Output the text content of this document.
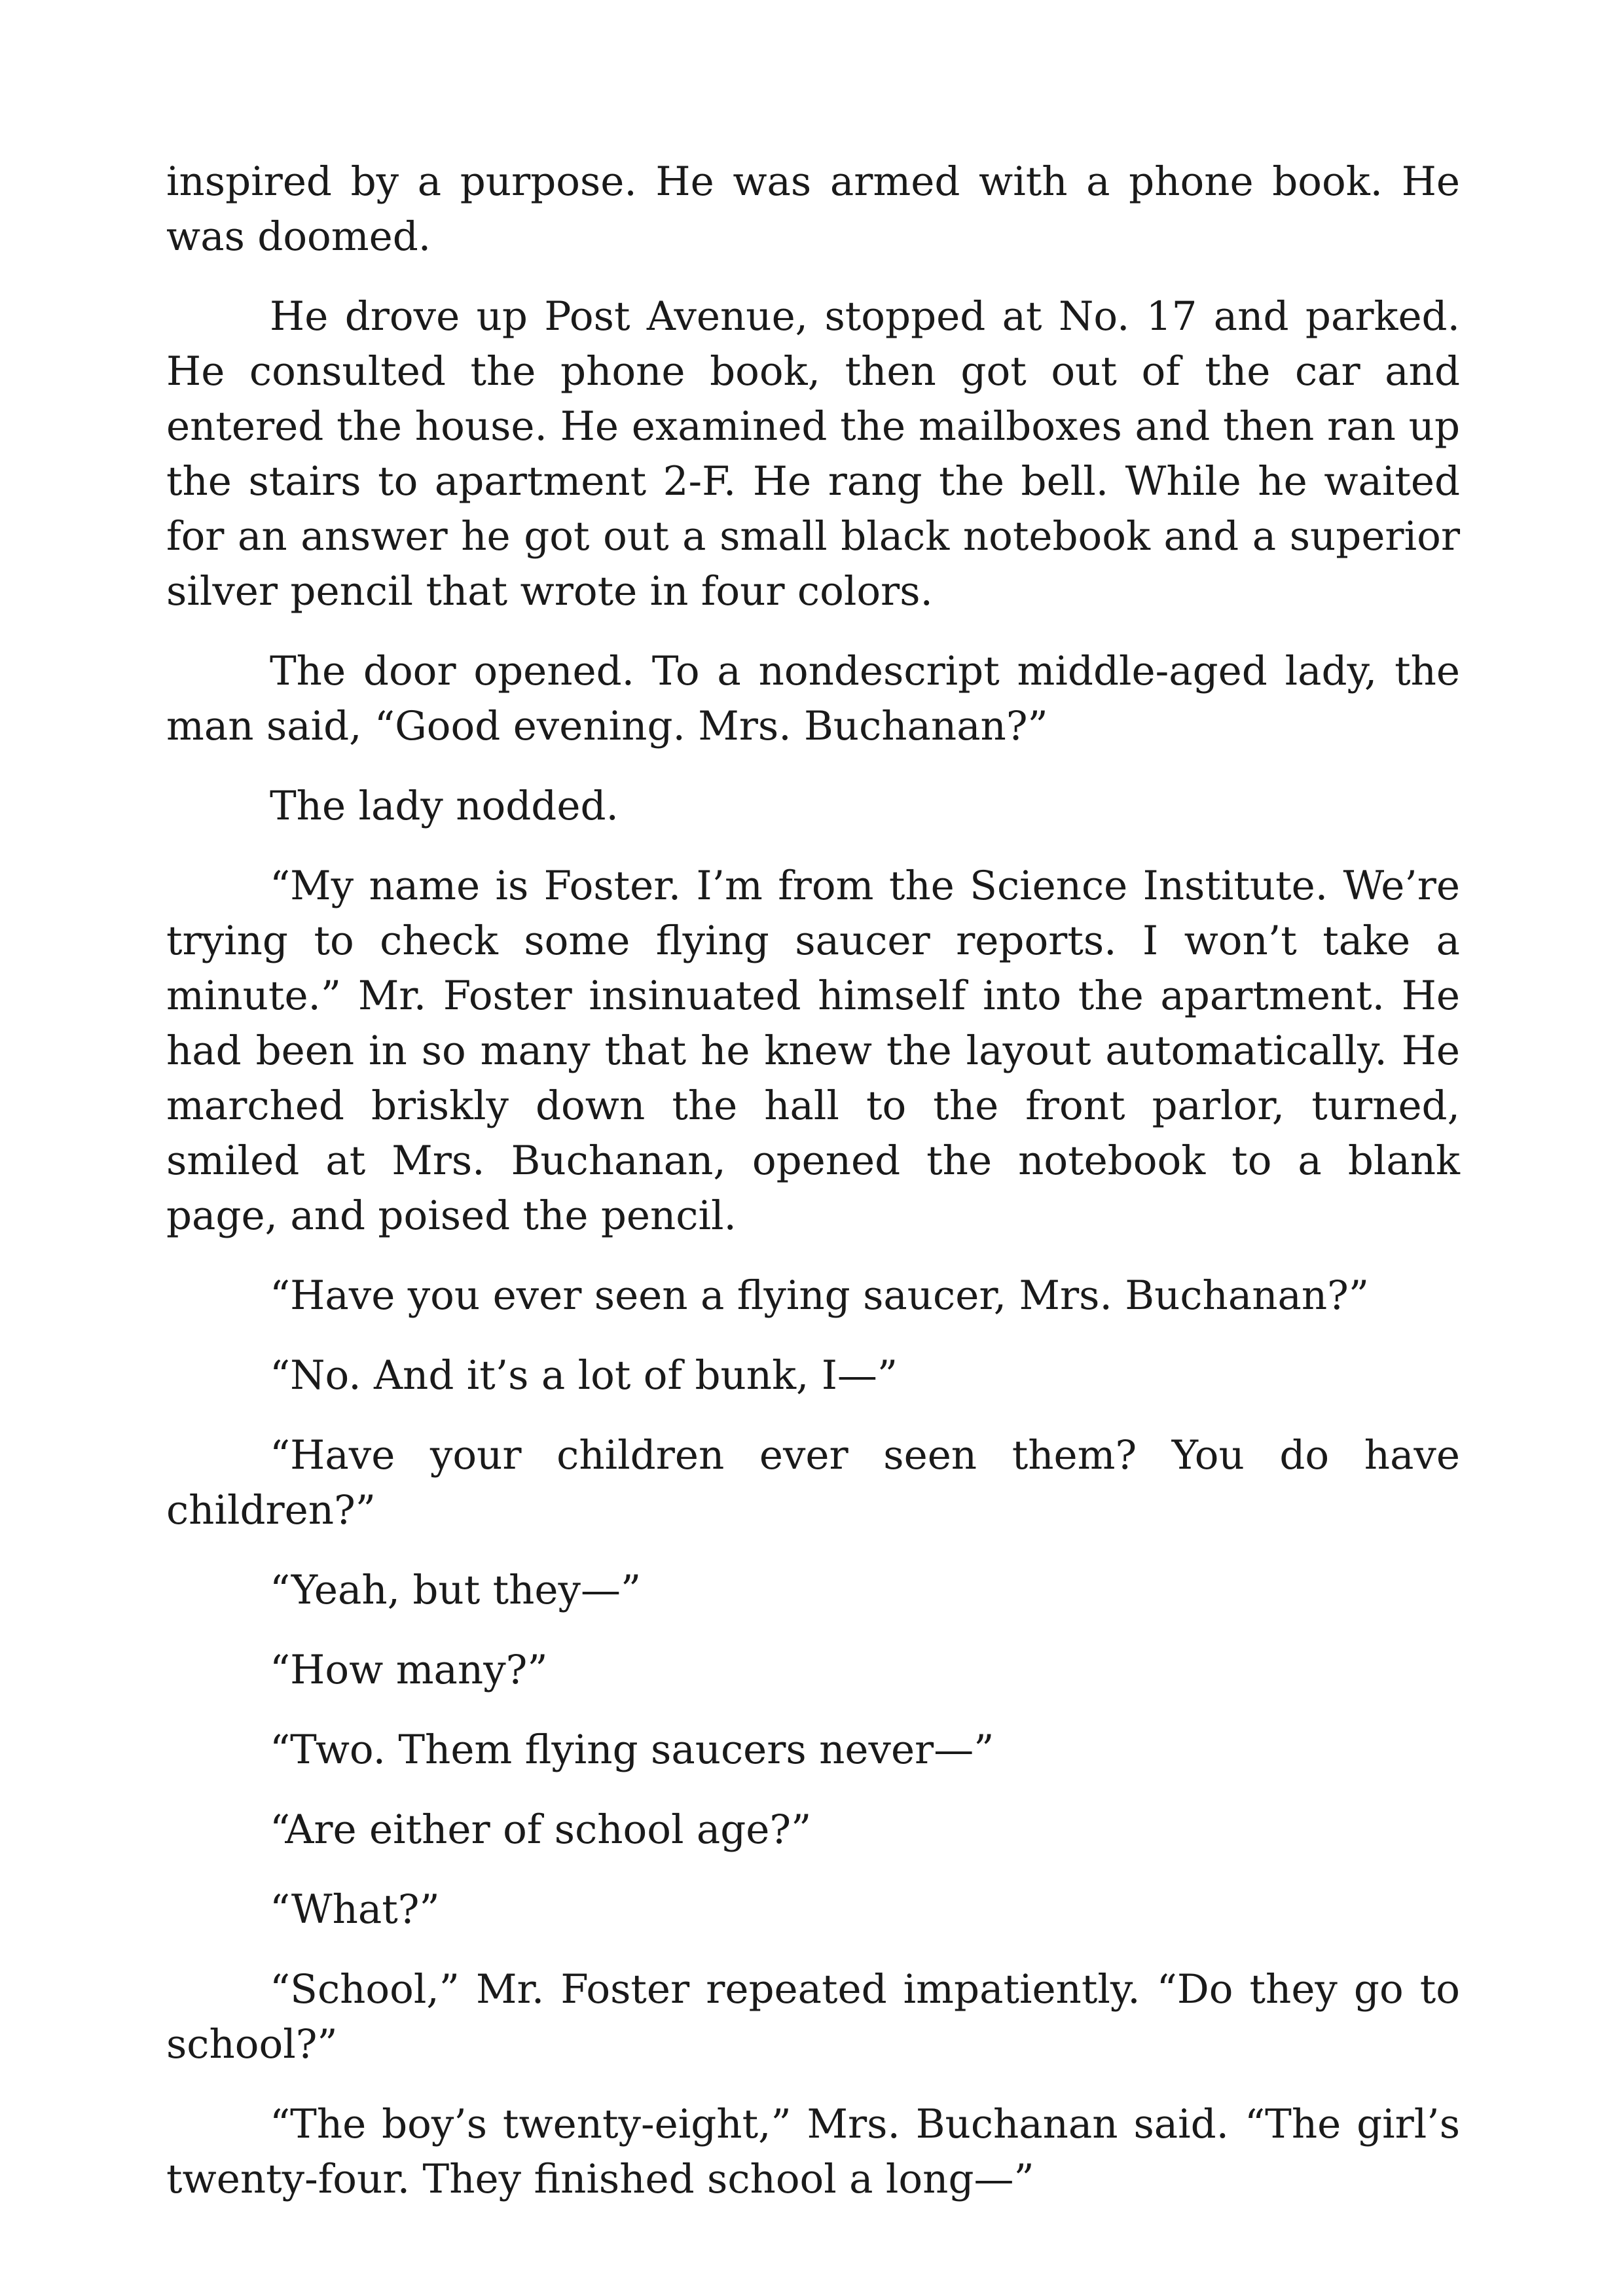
inspired by a purpose. He was armed with a phone book. He was doomed.

He drove up Post Avenue, stopped at No. 17 and parked. He consulted the phone book, then got out of the car and entered the house. He examined the mailboxes and then ran up the stairs to apartment 2-F. He rang the bell. While he waited for an answer he got out a small black notebook and a superior silver pencil that wrote in four colors.

The door opened. To a nondescript middle-aged lady, the man said, “Good evening. Mrs. Buchanan?”

The lady nodded.

“My name is Foster. I’m from the Science Institute. We’re trying to check some flying saucer reports. I won’t take a minute.” Mr. Foster insinuated himself into the apartment. He had been in so many that he knew the layout automatically. He marched briskly down the hall to the front parlor, turned, smiled at Mrs. Buchanan, opened the notebook to a blank page, and poised the pencil.

“Have you ever seen a flying saucer, Mrs. Buchanan?”

“No. And it’s a lot of bunk, I—”

“Have your children ever seen them? You do have children?”

“Yeah, but they—”

“How many?”

“Two. Them flying saucers never—”

“Are either of school age?”

“What?”

“School,” Mr. Foster repeated impatiently. “Do they go to school?”

“The boy’s twenty-eight,” Mrs. Buchanan said. “The girl’s twenty-four. They finished school a long—”
